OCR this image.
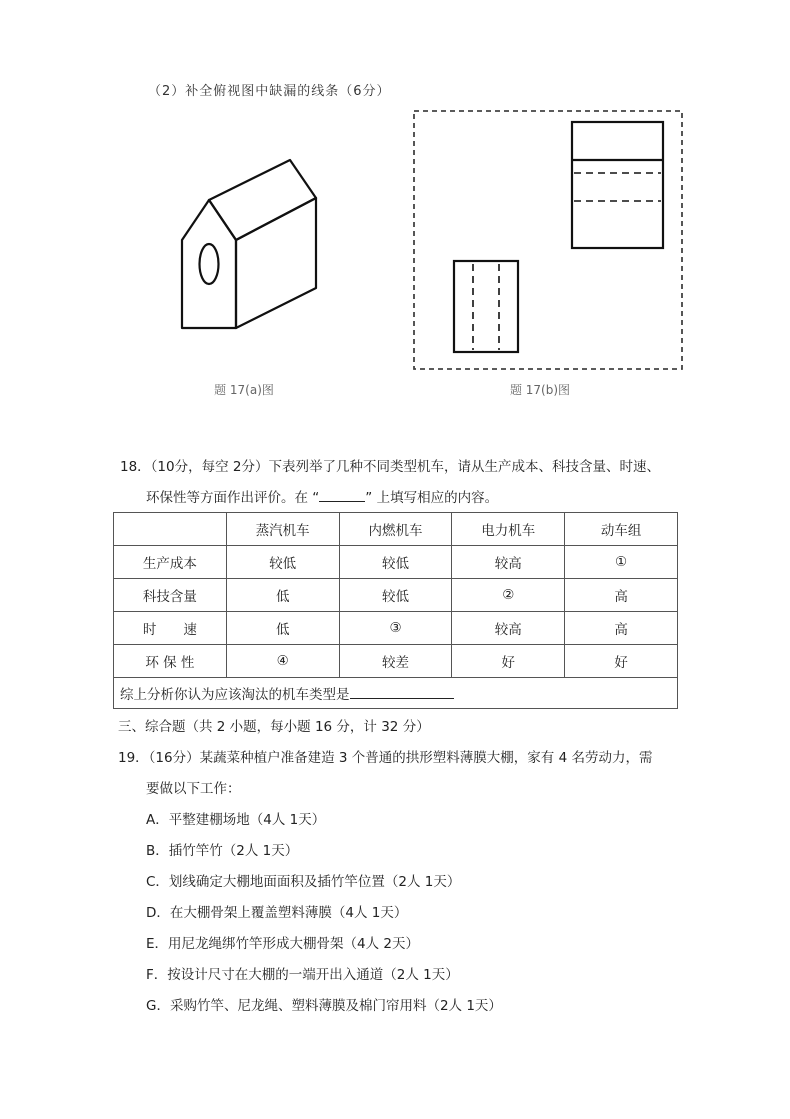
（2）补全俯视图中缺漏的线条（6分）
题 17(a)图	题 17(b)图
18．（10分，每空 2分）下表列举了几种不同类型机车，请从生产成本、科技含量、时速、
环保性等方面作出评价。在 “	” 上填写相应的内容。
	蒸汽机车	内燃机车	电力机车	动车组
生产成本	较低	较低	较高	①
科技含量	低	较低	②	高
时　　速	低	③	较高	高
环 保 性	④	较差	好	好
综上分析你认为应该淘汰的机车类型是				
三、综合题（共 2 小题，每小题 16 分，计 32 分）
19．（16分）某蔬菜种植户准备建造 3 个普通的拱形塑料薄膜大棚，家有 4 名劳动力，需
要做以下工作：
A．平整建棚场地（4人 1天）
B．插竹竿竹（2人 1天）
C．划线确定大棚地面面积及插竹竿位置（2人 1天）
D．在大棚骨架上覆盖塑料薄膜（4人 1天）
E．用尼龙绳绑竹竿形成大棚骨架（4人 2天）
F．按设计尺寸在大棚的一端开出入通道（2人 1天）
G．采购竹竿、尼龙绳、塑料薄膜及棉门帘用料（2人 1天）
